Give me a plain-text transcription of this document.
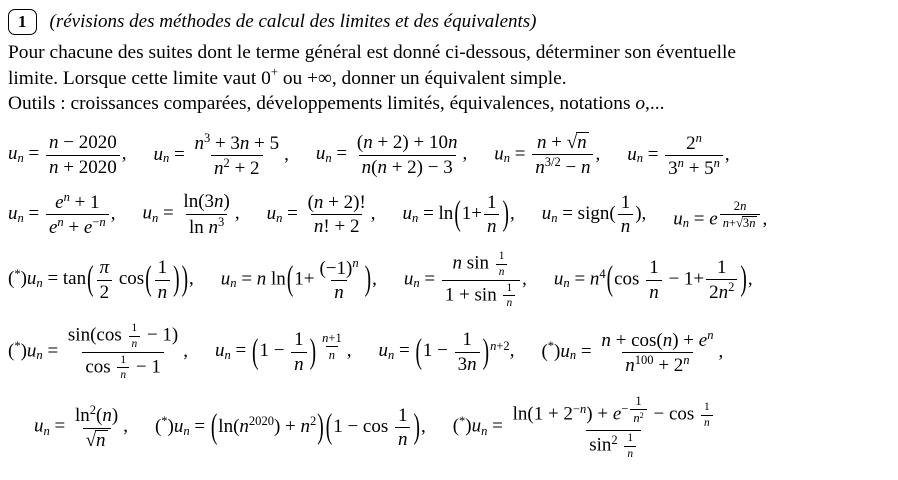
1	(révisions des méthodes de calcul des limites et des équivalents)
Pour chacune des suites dont le terme général est donné ci-dessous, déterminer son éventuelle
limite. Lorsque cette limite vaut 0+ ou +∞, donner un équivalent simple.
Outils : croissances comparées, développements limités, équivalences, notations o,...
un = $\frac{n - 2020}{n + 2020}$ , un = $\frac{n3 + 3n + 5}{n2 + 2}$ , un = $\frac{(n + 2) + 10n}{n(n + 2) - 3}$ , un = $\frac{n + √n}{n3/2 - n}$ , un = $\frac{2n}{3n + 5n}$ ,
un = $\frac{en + 1}{en + e-n}$ , un = $\frac{\ln(3n)}{\text{ln n3}}$ , un = $\frac{(n + 2)!}{n! + 2}$ , un = $\ln(1+ \frac{1}{n}$ ), un = sign( $\frac{1}{n}$ ), un = e $\frac{2n}{n+√3n}$ ,
$(*)un = \tan( \frac{\pi}{2} \cos( \frac{1}{n}$ ) ), un = n $\ln(1+ \frac{(-1)n}{n}$ ), un = $\frac{n \sin \frac{1}{n}}{1 + \sin \frac{1}{n}}$ , un = $n4(\cos \frac{1}{n} - 1+ \frac{1}{2n2}$ ),
$(*)un = \frac{\sin(\cos \frac{1}{n} - 1)}{\cos \frac{1}{n} - 1}$ , un = ($1 - \frac{1}{n}$ ) $\frac{n+1}{n}$ , un = $(1 - \frac{1}{3n} )n+2$, $(*)un = \frac{n + \cos(n) + en}{n100 + 2n}$ ,
un = $\frac{\ln 2(n)}{√n}$ , (*)un = (ln(n2020) + n2) ($1 - \cos \frac{1}{n}$ ), $(*)un = \frac{\ln(1 + 2-n) + e- \frac{1}{n2} - \cos \frac{1}{n}}{\sin 2 \frac{1}{n}}$
